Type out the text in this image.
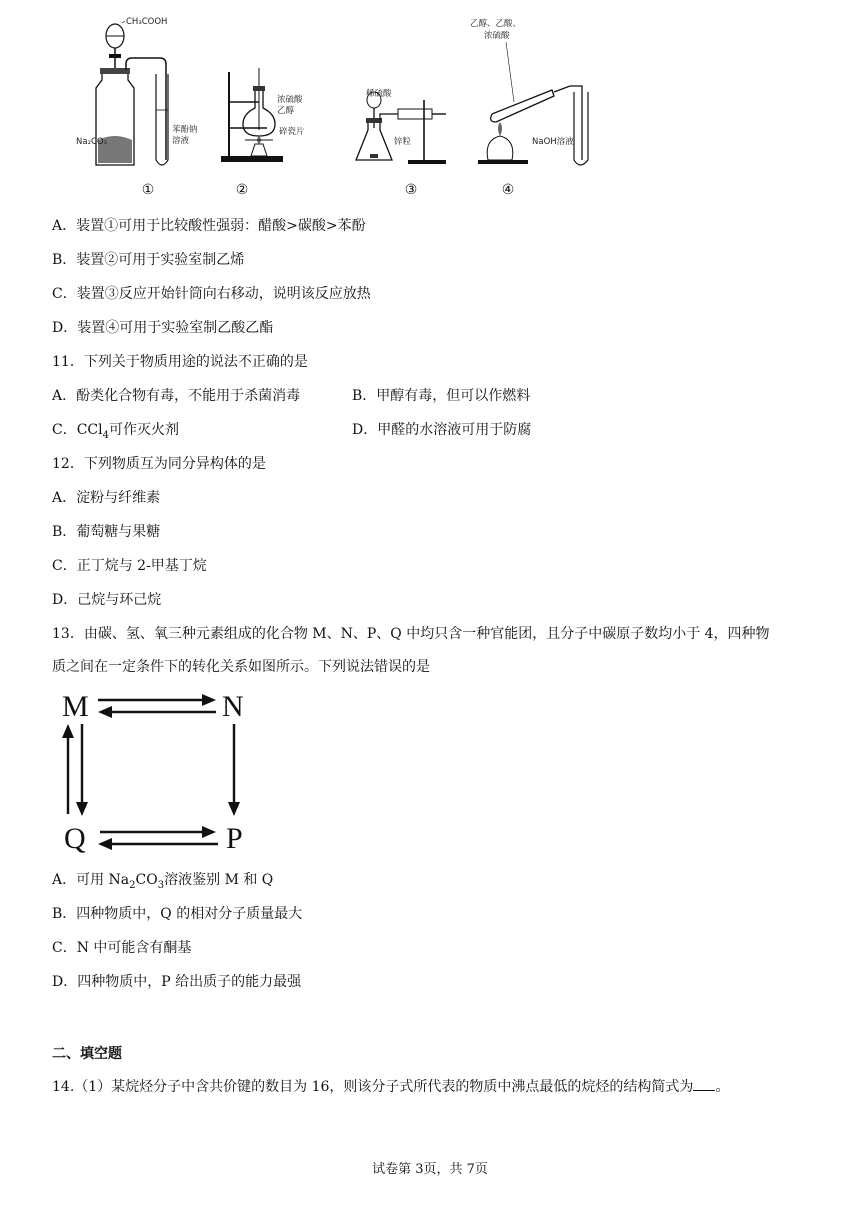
CH₃COOH
Na₂CO₃
苯酚钠
溶液
①
浓硫酸
乙醇
碎瓷片
②
稀硫酸
锌粒
③
乙醇、乙酸、
浓硫酸
NaOH溶液
④
A．装置①可用于比较酸性强弱：醋酸>碳酸>苯酚
B．装置②可用于实验室制乙烯
C．装置③反应开始针筒向右移动，说明该反应放热
D．装置④可用于实验室制乙酸乙酯
11．下列关于物质用途的说法不正确的是
A．酚类化合物有毒，不能用于杀菌消毒	B．甲醇有毒，但可以作燃料
C．CCl$_4$可作灭火剂	D．甲醛的水溶液可用于防腐
12．下列物质互为同分异构体的是
A．淀粉与纤维素
B．葡萄糖与果糖
C．正丁烷与 2-甲基丁烷
D．己烷与环己烷
13．由碳、氢、氧三种元素组成的化合物 M、N、P、Q 中均只含一种官能团，且分子中碳原子数均小于 4，四种物
质之间在一定条件下的转化关系如图所示。下列说法错误的是
M	N
Q	P
A．可用 $Na_2CO_3$溶液鉴别 M 和 Q
B．四种物质中，Q 的相对分子质量最大
C．N 中可能含有酮基
D．四种物质中，P 给出质子的能力最强
二、填空题
14.（1）某烷烃分子中含共价键的数目为 16，则该分子式所代表的物质中沸点最低的烷烃的结构简式为 。
试卷第 3页，共 7页
